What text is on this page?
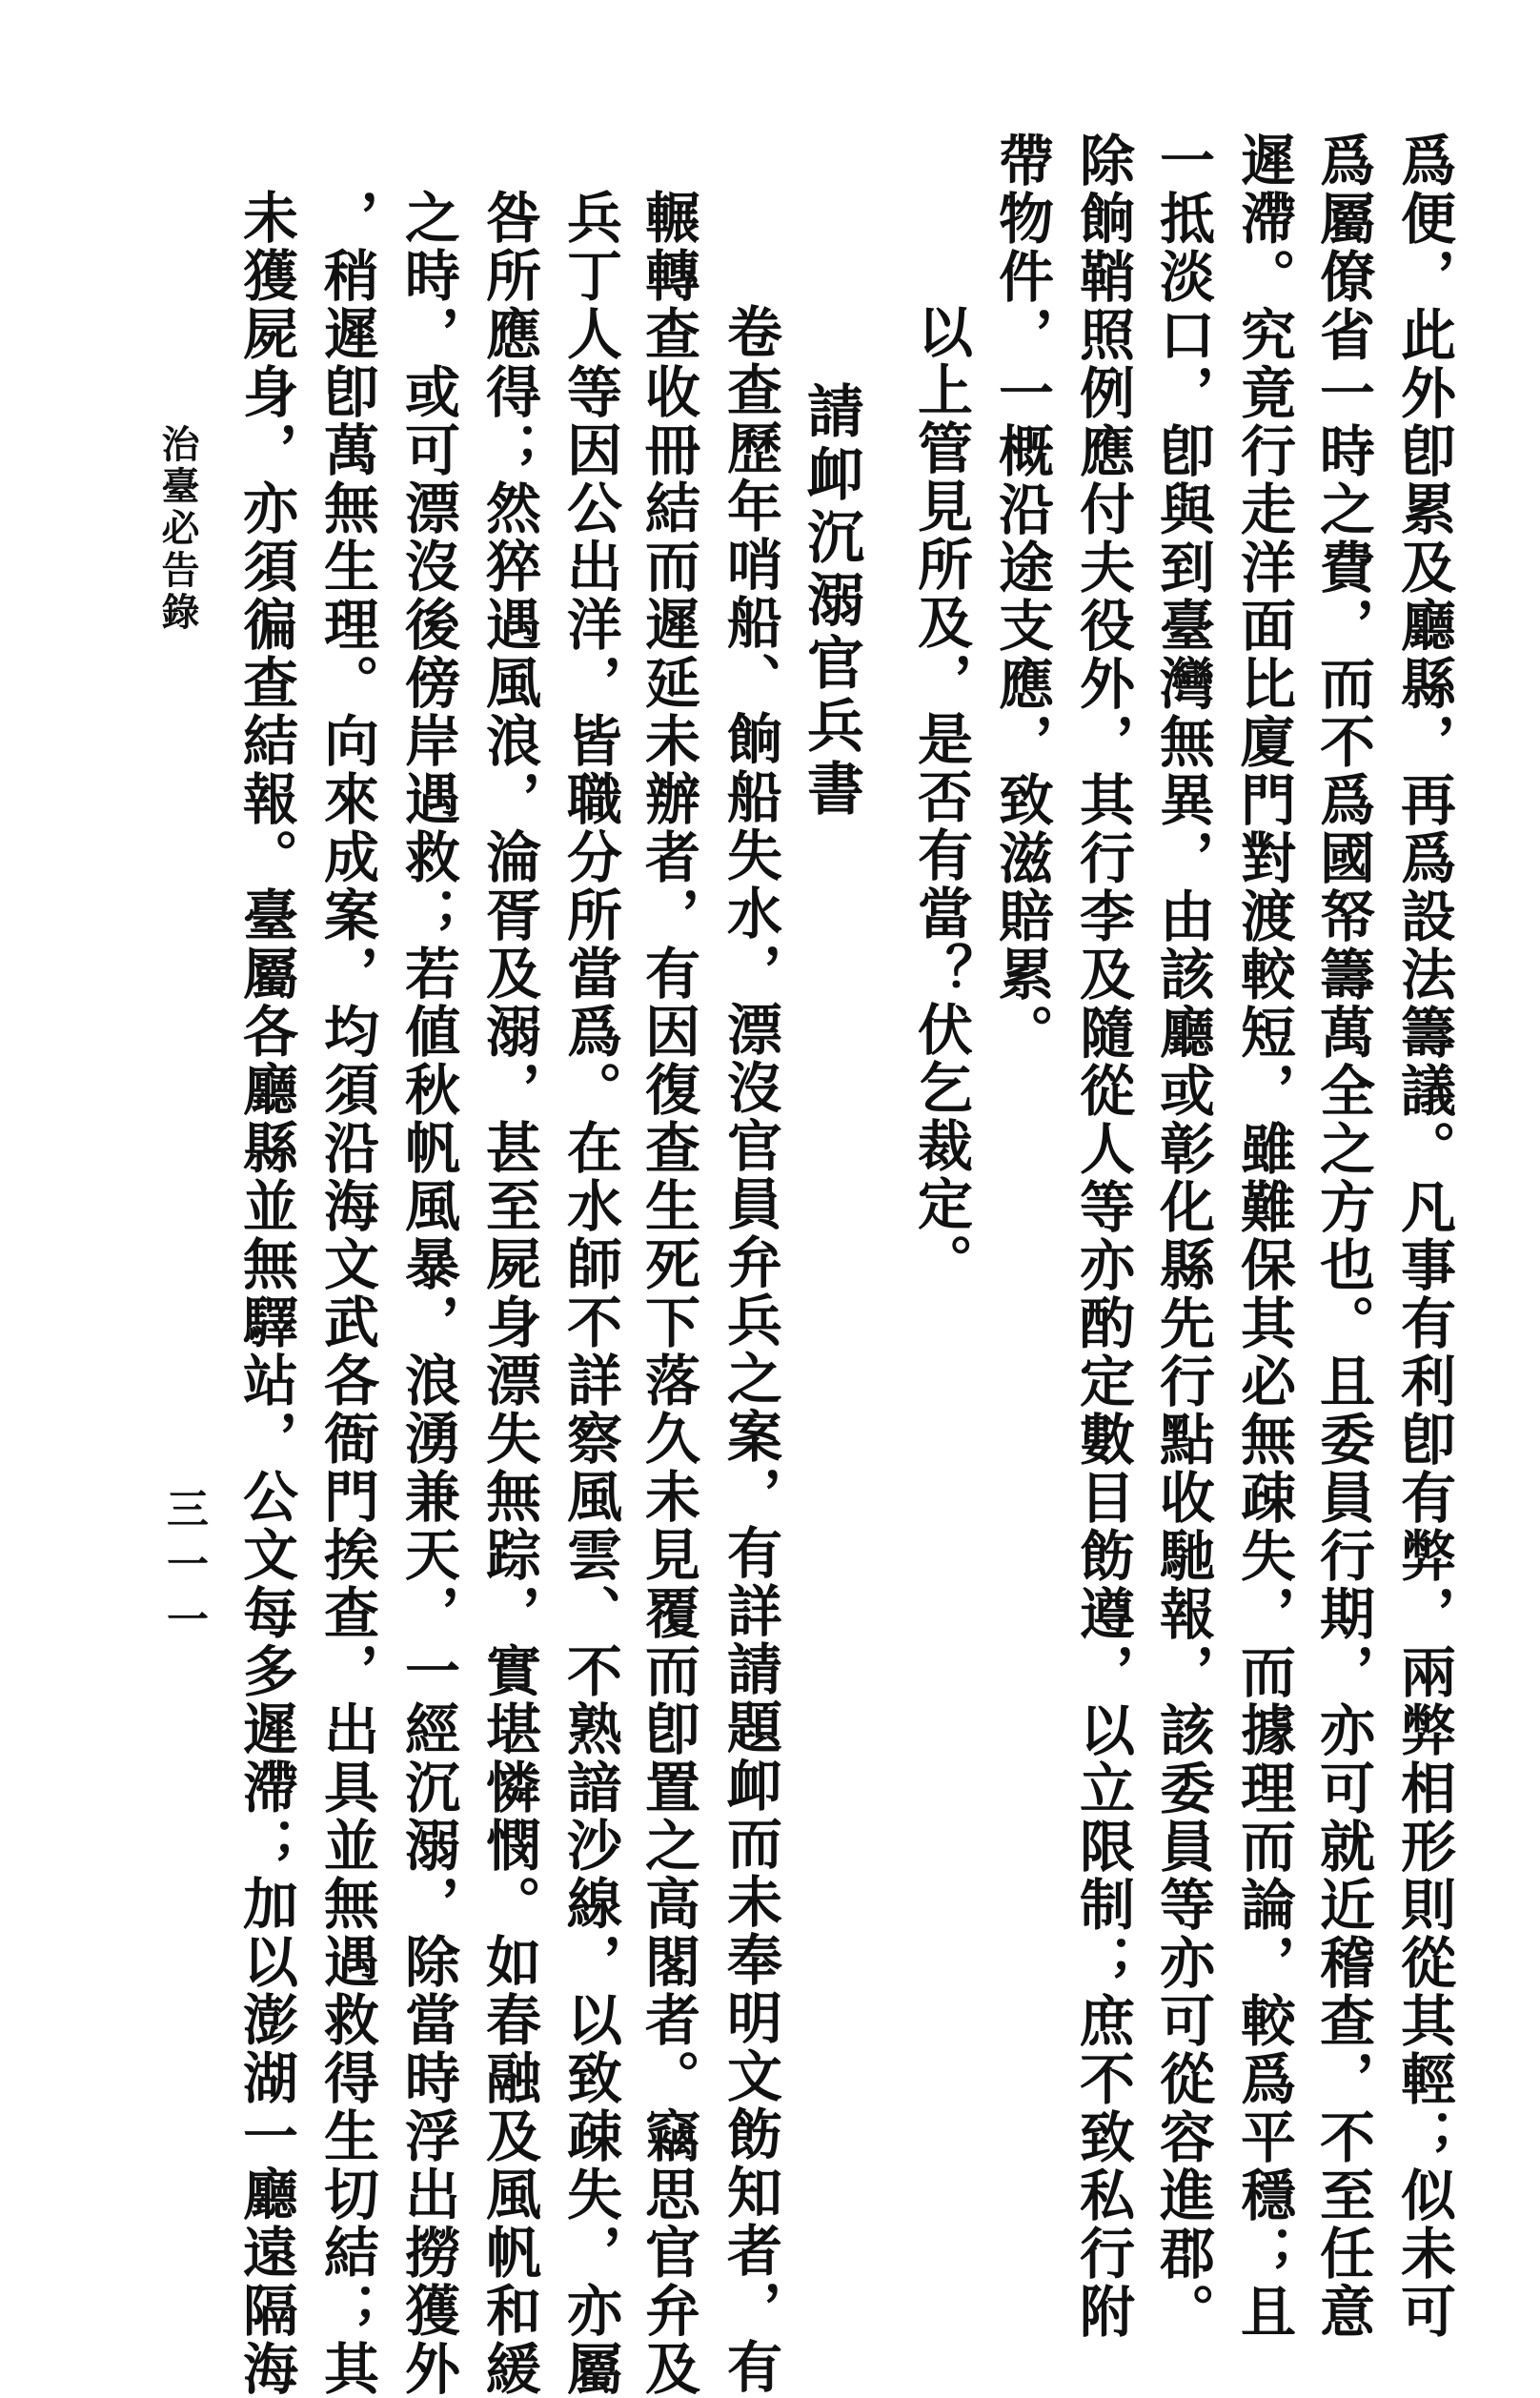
爲便，此外卽累及廳縣，再爲設法籌議。凡事有利卽有弊，兩弊相形則從其輕；似未可
爲屬僚省一時之費，而不爲國帑籌萬全之方也。且委員行期，亦可就近稽查，不至任意
遲滯。究竟行走洋面比廈門對渡較短，雖難保其必無疎失，而據理而論，較爲平穩；且
一抵淡口，卽與到臺灣無異，由該廳或彰化縣先行點收馳報，該委員等亦可從容進郡。
除餉鞘照例應付夫役外，其行李及隨從人等亦酌定數目飭遵，以立限制；庶不致私行附
帶物件，一概沿途支應，致滋賠累。
以上管見所及，是否有當？伏乞裁定。
請卹沉溺官兵書
卷查歷年哨船、餉船失水，漂沒官員弁兵之案，有詳請題卹而未奉明文飭知者，有
輾轉查收冊結而遲延未辦者，有因復查生死下落久未見覆而卽置之高閣者。竊思官弁及
兵丁人等因公出洋，皆職分所當爲。在水師不詳察風雲、不熟諳沙線，以致疎失，亦屬
咎所應得；然猝遇風浪，淪胥及溺，甚至屍身漂失無踪，實堪憐憫。如春融及風帆和緩
之時，或可漂沒後傍岸遇救；若値秋帆風暴，浪湧兼天，一經沉溺，除當時浮出撈獲外
，稍遲卽萬無生理。向來成案，均須沿海文武各衙門挨查，出具並無遇救得生切結；其
未獲屍身，亦須徧查結報。臺屬各廳縣並無驛站，公文每多遲滯；加以澎湖一廳遠隔海
治臺必告錄
三一一
